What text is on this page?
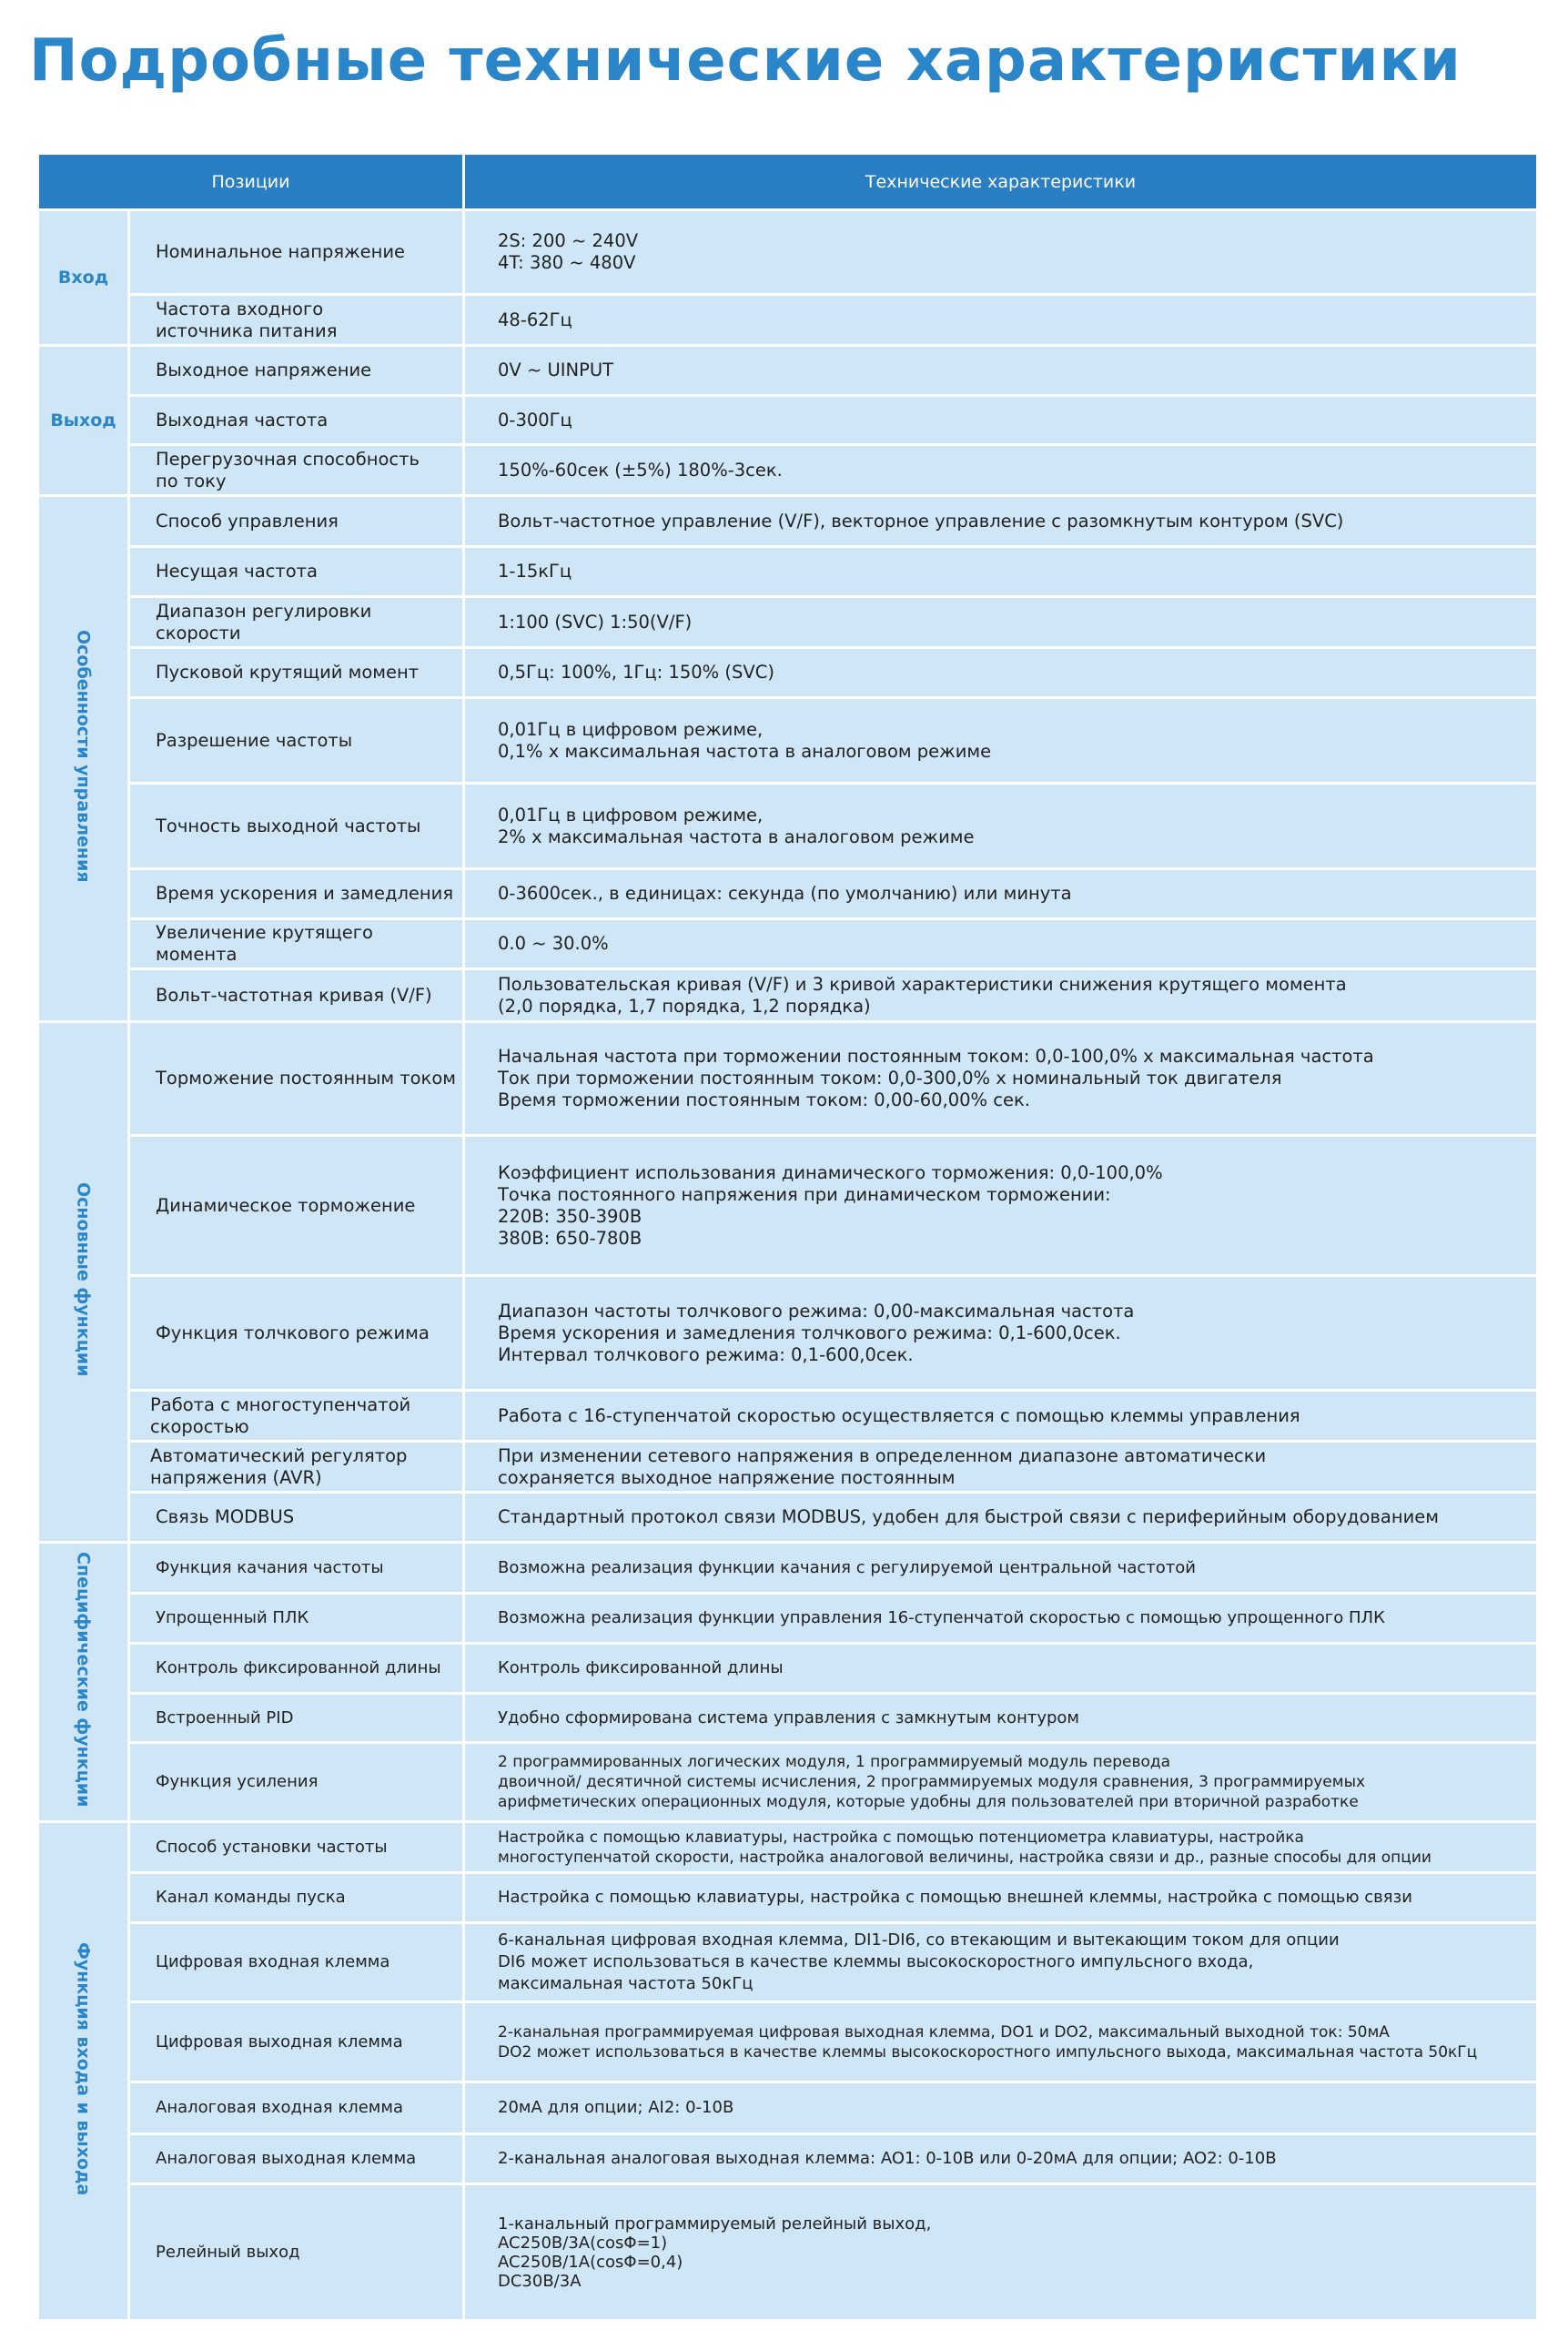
Подробные технические характеристики
Позиции		Технические характеристики
Вход	Номинальное напряжение	2S: 200 ~ 240V
4T: 380 ~ 480V
	Частота входного
источника питания	48-62Гц
Выход	Выходное напряжение	0V ~ UINPUT
	Выходная частота	0-300Гц
	Перегрузочная способность
по току	150%-60сек (±5%) 180%-3сек.
Особенности управления	Способ управления	Вольт-частотное управление (V/F), векторное управление с разомкнутым контуром (SVC)
	Несущая частота	1-15кГц
	Диапазон регулировки скорости	1:100 (SVC) 1:50(V/F)
	Пусковой крутящий момент	0,5Гц: 100%, 1Гц: 150% (SVC)
	Разрешение частоты	0,01Гц в цифровом режиме,
0,1% x максимальная частота в аналоговом режиме
	Точность выходной частоты	0,01Гц в цифровом режиме,
2% x максимальная частота в аналоговом режиме
	Время ускорения и замедления	0-3600сек., в единицах: секунда (по умолчанию) или минута
	Увеличение крутящего момента	0.0 ~ 30.0%
	Вольт-частотная кривая (V/F)	Пользовательская кривая (V/F) и 3 кривой характеристики снижения крутящего момента
(2,0 порядка, 1,7 порядка, 1,2 порядка)
Основные функции	Торможение постоянным током	Начальная частота при торможении постоянным током: 0,0-100,0% x максимальная частота
Ток при торможении постоянным током: 0,0-300,0% x номинальный ток двигателя
Время торможении постоянным током: 0,00-60,00% сек.
	Динамическое торможение	Коэффициент использования динамического торможения: 0,0-100,0%
Точка постоянного напряжения при динамическом торможении:
220В: 350-390В
380В: 650-780В
	Функция толчкового режима	Диапазон частоты толчкового режима: 0,00-максимальная частота
Время ускорения и замедления толчкового режима: 0,1-600,0сек.
Интервал толчкового режима: 0,1-600,0сек.
	Работа с многоступенчатой
скоростью	Работа с 16-ступенчатой скоростью осуществляется с помощью клеммы управления
	Автоматический регулятор
напряжения (AVR)	При изменении сетевого напряжения в определенном диапазоне автоматически
сохраняется выходное напряжение постоянным
	Связь MODBUS	Стандартный протокол связи MODBUS, удобен для быстрой связи с периферийным оборудованием
Специфические функции	Функция качания частоты	Возможна реализация функции качания с регулируемой центральной частотой
	Упрощенный ПЛК	Возможна реализация функции управления 16-ступенчатой скоростью с помощью упрощенного ПЛК
	Контроль фиксированной длины	Контроль фиксированной длины
	Встроенный PID	Удобно сформирована система управления с замкнутым контуром
	Функция усиления	2 программированных логических модуля, 1 программируемый модуль перевода
двоичной/ десятичной системы исчисления, 2 программируемых модуля сравнения, 3 программируемых
арифметических операционных модуля, которые удобны для пользователей при вторичной разработке
Функция входа и выхода	Способ установки частоты	Настройка с помощью клавиатуры, настройка с помощью потенциометра клавиатуры, настройка
многоступенчатой скорости, настройка аналоговой величины, настройка связи и др., разные способы для опции
	Канал команды пуска	Настройка с помощью клавиатуры, настройка с помощью внешней клеммы, настройка с помощью связи
	Цифровая входная клемма	6-канальная цифровая входная клемма, DI1-DI6, со втекающим и вытекающим током для опции
DI6 может использоваться в качестве клеммы высокоскоростного импульсного входа,
максимальная частота 50кГц
	Цифровая выходная клемма	2-канальная программируемая цифровая выходная клемма, DO1 и DO2, максимальный выходной ток: 50мА
DO2 может использоваться в качестве клеммы высокоскоростного импульсного выхода, максимальная частота 50кГц
	Аналоговая входная клемма	20мА для опции; AI2: 0-10В
	Аналоговая выходная клемма	2-канальная аналоговая выходная клемма: AO1: 0-10В или 0-20мА для опции; AO2: 0-10В
	Релейный выход	1-канальный программируемый релейный выход,
AC250B/3A(cosΦ=1)
AC250B/1A(cosΦ=0,4)
DC30B/3A
